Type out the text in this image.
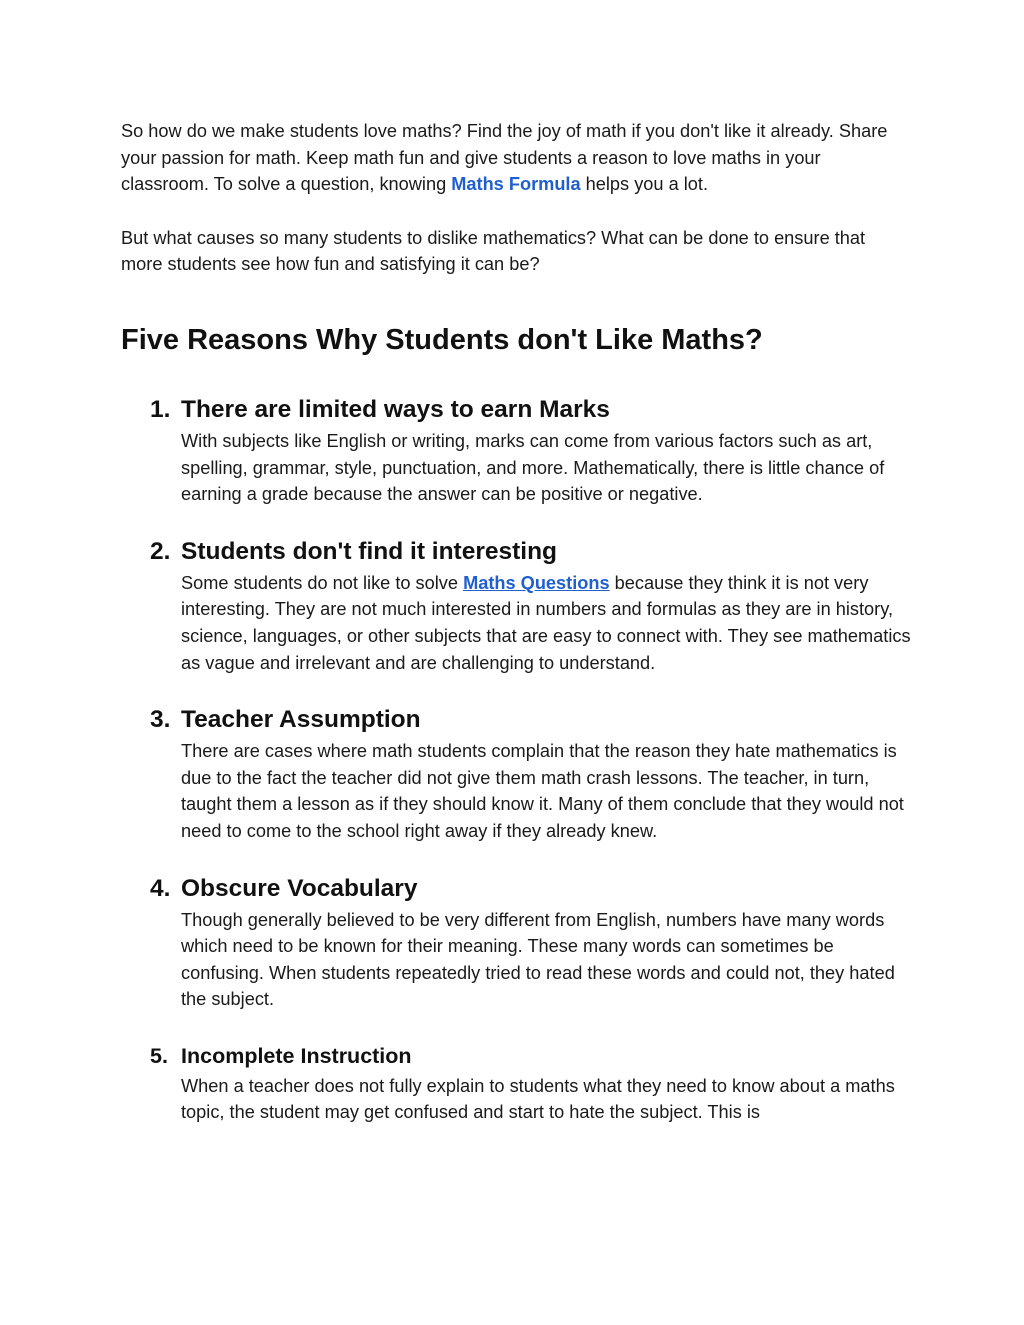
So how do we make students love maths? Find the joy of math if you don't like it already. Share your passion for math. Keep math fun and give students a reason to love maths in your classroom. To solve a question, knowing Maths Formula helps you a lot.

But what causes so many students to dislike mathematics? What can be done to ensure that more students see how fun and satisfying it can be?

Five Reasons Why Students don't Like Maths?
1. There are limited ways to earn Marks

With subjects like English or writing, marks can come from various factors such as art, spelling, grammar, style, punctuation, and more. Mathematically, there is little chance of earning a grade because the answer can be positive or negative.

2. Students don't find it interesting

Some students do not like to solve Maths Questions because they think it is not very interesting. They are not much interested in numbers and formulas as they are in history, science, languages, or other subjects that are easy to connect with. They see mathematics as vague and irrelevant and are challenging to understand.

3. Teacher Assumption

There are cases where math students complain that the reason they hate mathematics is due to the fact the teacher did not give them math crash lessons. The teacher, in turn, taught them a lesson as if they should know it. Many of them conclude that they would not need to come to the school right away if they already knew.

4. Obscure Vocabulary

Though generally believed to be very different from English, numbers have many words which need to be known for their meaning. These many words can sometimes be confusing. When students repeatedly tried to read these words and could not, they hated the subject.

5. Incomplete Instruction

When a teacher does not fully explain to students what they need to know about a maths topic, the student may get confused and start to hate the subject. This is
